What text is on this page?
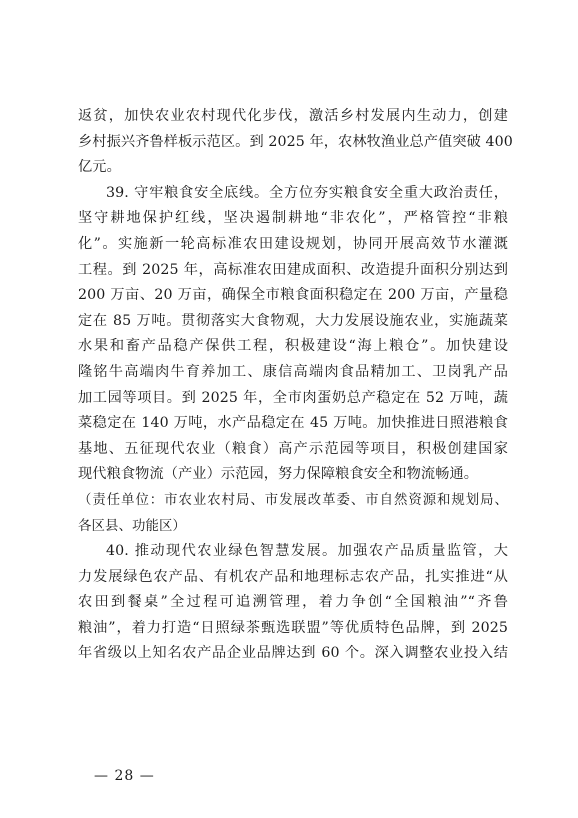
返贫，加快农业农村现代化步伐，激活乡村发展内生动力，创建
乡村振兴齐鲁样板示范区。到 2025 年，农林牧渔业总产值突破 400
亿元。
39. 守牢粮食安全底线。全方位夯实粮食安全重大政治责任，
坚守耕地保护红线，坚决遏制耕地“非农化”，严格管控“非粮
化”。实施新一轮高标准农田建设规划，协同开展高效节水灌溉
工程。到 2025 年，高标准农田建成面积、改造提升面积分别达到
200 万亩、20 万亩，确保全市粮食面积稳定在 200 万亩，产量稳
定在 85 万吨。贯彻落实大食物观，大力发展设施农业，实施蔬菜
水果和畜产品稳产保供工程，积极建设“海上粮仓”。加快建设
隆铭牛高端肉牛育养加工、康信高端肉食品精加工、卫岗乳产品
加工园等项目。到 2025 年，全市肉蛋奶总产稳定在 52 万吨，蔬
菜稳定在 140 万吨，水产品稳定在 45 万吨。加快推进日照港粮食
基地、五征现代农业（粮食）高产示范园等项目，积极创建国家
现代粮食物流（产业）示范园，努力保障粮食安全和物流畅通。
（责任单位：市农业农村局、市发展改革委、市自然资源和规划局、
各区县、功能区）
40. 推动现代农业绿色智慧发展。加强农产品质量监管，大
力发展绿色农产品、有机农产品和地理标志农产品，扎实推进“从
农田到餐桌”全过程可追溯管理，着力争创“全国粮油”“齐鲁
粮油”，着力打造“日照绿茶甄选联盟”等优质特色品牌，到 2025
年省级以上知名农产品企业品牌达到 60 个。深入调整农业投入结
— 28 —
